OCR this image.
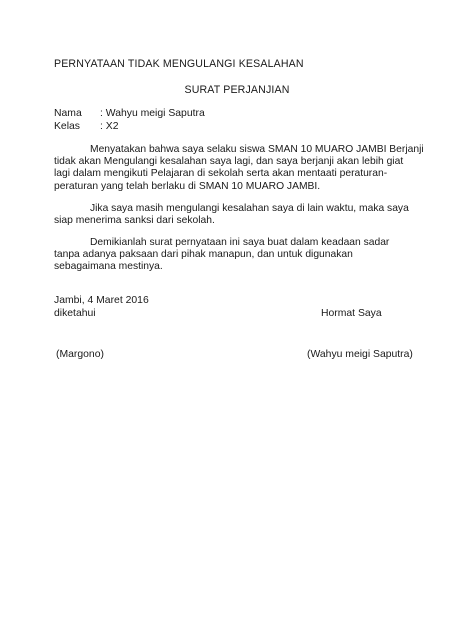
PERNYATAAN TIDAK MENGULANGI KESALAHAN
SURAT PERJANJIAN
Nama : Wahyu meigi Saputra
Kelas : X2
Menyatakan bahwa saya selaku siswa SMAN 10 MUARO JAMBI Berjanji
tidak akan Mengulangi kesalahan saya lagi, dan saya berjanji akan lebih giat
lagi dalam mengikuti Pelajaran di sekolah serta akan mentaati peraturan-
peraturan yang telah berlaku di SMAN 10 MUARO JAMBI.
Jika saya masih mengulangi kesalahan saya di lain waktu, maka saya
siap menerima sanksi dari sekolah.
Demikianlah surat pernyataan ini saya buat dalam keadaan sadar
tanpa adanya paksaan dari pihak manapun, dan untuk digunakan
sebagaimana mestinya.
Jambi, 4 Maret 2016
diketahui	Hormat Saya
(Margono)	(Wahyu meigi Saputra)
